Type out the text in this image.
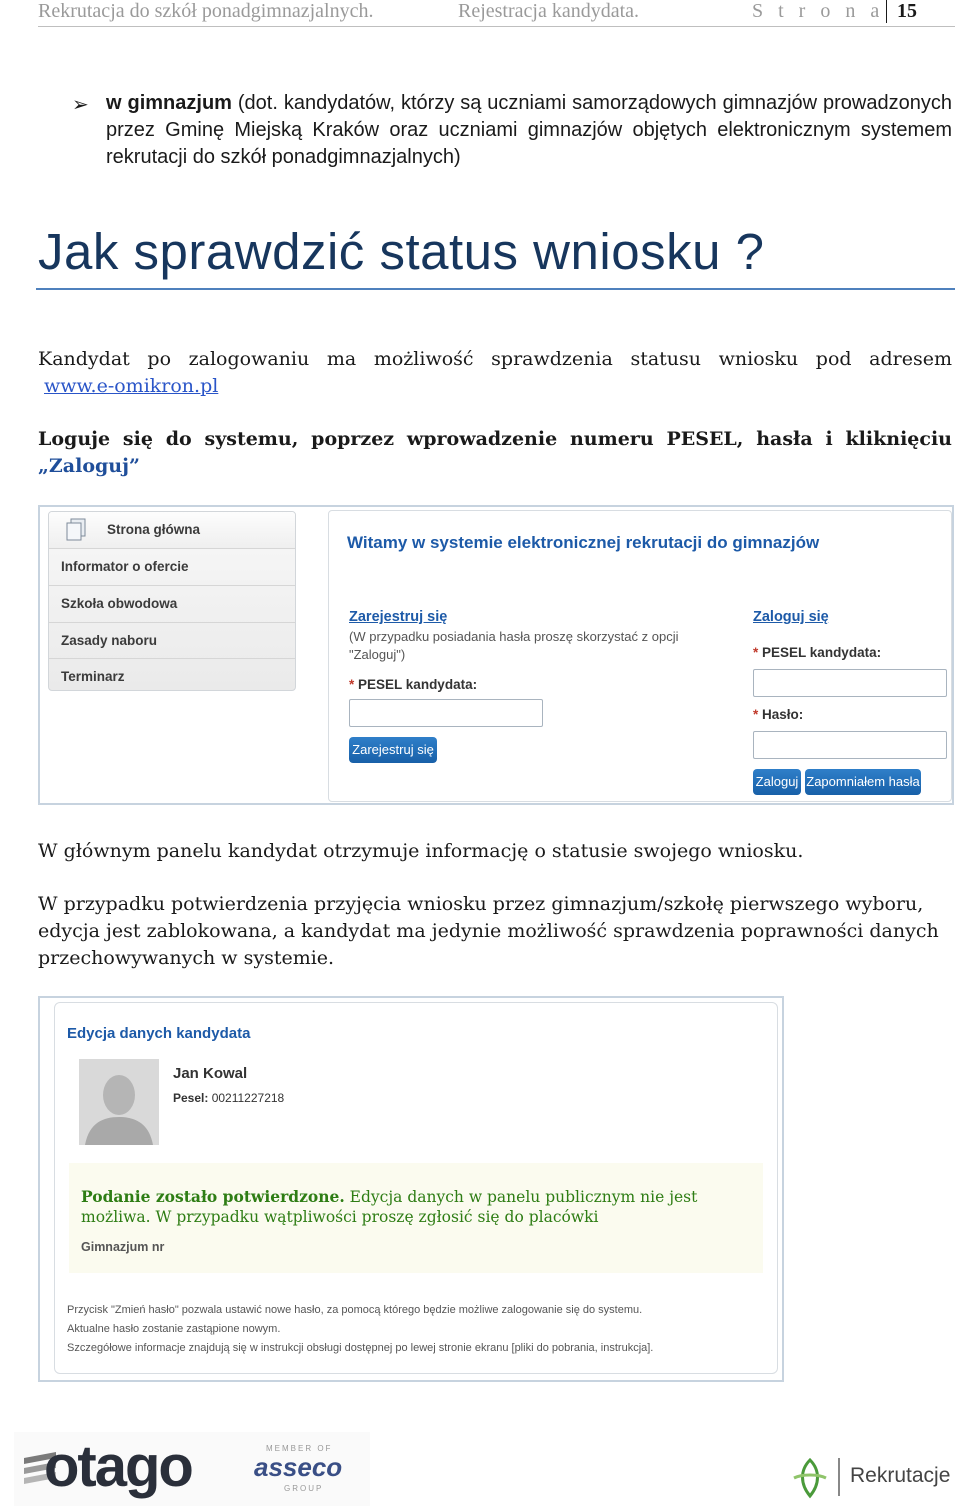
Rekrutacja do szkół ponadgimnazjalnych.	Rejestracja kandydata.	S t r o n a 15
➢ w gimnazjum (dot. kandydatów, którzy są uczniami samorządowych gimnazjów prowadzonych przez Gminę Miejską Kraków oraz uczniami gimnazjów objętych elektronicznym systemem rekrutacji do szkół ponadgimnazjalnych)
Jak sprawdzić status wniosku ?
Kandydat po zalogowaniu ma możliwość sprawdzenia statusu wniosku pod adresem
www.e-omikron.pl
Loguje się do systemu, poprzez wprowadzenie numeru PESEL, hasła i kliknięciu
„Zaloguj”
Strona główna
Informator o ofercie
Szkoła obwodowa
Zasady naboru
Terminarz
Witamy w systemie elektronicznej rekrutacji do gimnazjów
Zarejestruj się
(W przypadku posiadania hasła proszę skorzystać z opcji
"Zaloguj")
* PESEL kandydata:
Zarejestruj się
Zaloguj się
* PESEL kandydata:
* Hasło:
Zaloguj Zapomniałem hasła
W głównym panelu kandydat otrzymuje informację o statusie swojego wniosku.
W przypadku potwierdzenia przyjęcia wniosku przez gimnazjum/szkołę pierwszego wyboru, edycja jest zablokowana, a kandydat ma jedynie możliwość sprawdzenia poprawności danych przechowywanych w systemie.
Edycja danych kandydata
Jan Kowal
Pesel: 00211227218
Podanie zostało potwierdzone. Edycja danych w panelu publicznym nie jest możliwa. W przypadku wątpliwości proszę zgłosić się do placówki
Gimnazjum nr
Przycisk "Zmień hasło" pozwala ustawić nowe hasło, za pomocą którego będzie możliwe zalogowanie się do systemu.
Aktualne hasło zostanie zastąpione nowym.
Szczegółowe informacje znajdują się w instrukcji obsługi dostępnej po lewej stronie ekranu [pliki do pobrania, instrukcja].
otago	MEMBER OF
asseco
GROUP
Rekrutacje
